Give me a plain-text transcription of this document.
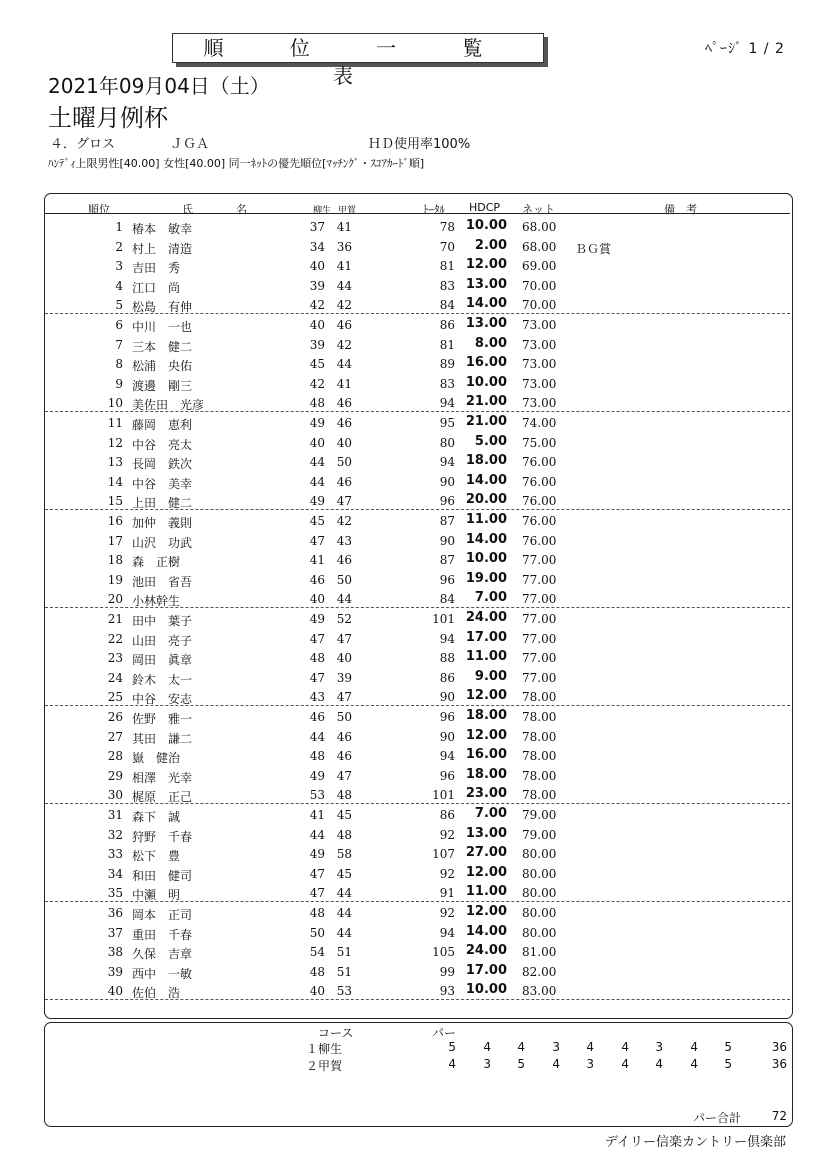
順 位 一 覧 表
ﾍﾟｰｼﾞ 1 / 2
2021年09月04日（土）
土曜月例杯
４．グロス	ＪＧＡ	ＨＤ使用率100%
ﾊﾝﾃﾞｨ上限男性[40.00] 女性[40.00] 同一ﾈｯﾄの優先順位[ﾏｯﾁﾝｸﾞ・ｽｺｱｶｰﾄﾞ順]
順位	氏	名	柳生 甲賀	ﾄｰﾀﾙ HDCP ネット	備　考
1 椿本　敏幸	37 41	78 10.00 68.00
2 村上　清造	34 36	70	2.00 68.00 ＢＧ賞
3 吉田　秀	40 41	81 12.00 69.00
4 江口　尚	39 44	83 13.00 70.00
5 松島　有伸	42 42	84 14.00 70.00
6 中川　一也	40 46	86 13.00 73.00
7 三本　健二	39 42	81	8.00 73.00
8 松浦　央佑	45 44	89 16.00 73.00
9 渡邊　剛三	42 41	83 10.00 73.00
10 美佐田　光彦	48 46	94 21.00 73.00
11 藤岡　恵利	49 46	95 21.00 74.00
12 中谷　亮太	40 40	80	5.00 75.00
13 長岡　鉄次	44 50	94 18.00 76.00
14 中谷　美幸	44 46	90 14.00 76.00
15 上田　健二	49 47	96 20.00 76.00
16 加仲　義則	45 42	87 11.00 76.00
17 山沢　功武	47 43	90 14.00 76.00
18 森　正樹	41 46	87 10.00 77.00
19 池田　省吾	46 50	96 19.00 77.00
20 小林幹生	40 44	84	7.00 77.00
21 田中　葉子	49 52	101 24.00 77.00
22 山田　亮子	47 47	94 17.00 77.00
23 岡田　眞章	48 40	88 11.00 77.00
24 鈴木　太一	47 39	86	9.00 77.00
25 中谷　安志	43 47	90 12.00 78.00
26 佐野　雅一	46 50	96 18.00 78.00
27 其田　謙二	44 46	90 12.00 78.00
28 嶽　健治	48 46	94 16.00 78.00
29 相澤　光幸	49 47	96 18.00 78.00
30 梶原　正己	53 48	101 23.00 78.00
31 森下　誠	41 45	86	7.00 79.00
32 狩野　千春	44 48	92 13.00 79.00
33 松下　豊	49 58	107 27.00 80.00
34 和田　健司	47 45	92 12.00 80.00
35 中瀬　明	47 44	91 11.00 80.00
36 岡本　正司	48 44	92 12.00 80.00
37 重田　千春	50 44	94 14.00 80.00
38 久保　吉章	54 51	105 24.00 81.00
39 西中　一敏	48 51	99 17.00 82.00
40 佐伯　浩	40 53	93 10.00 83.00
コース	パー
１柳生	5	4	4	3	4	4	3	4	5	36
２甲賀	4	3	5	4	3	4	4	4	5	36
パー合計	72
デイリー信楽カントリー倶楽部
